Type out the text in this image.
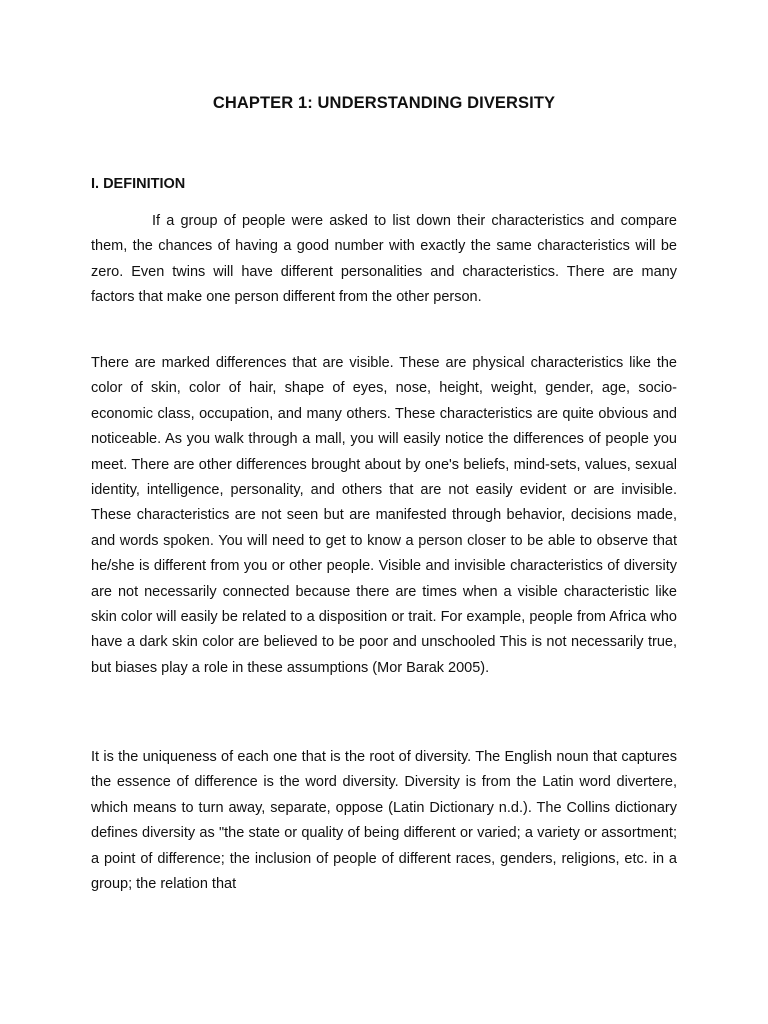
CHAPTER 1: UNDERSTANDING DIVERSITY
I. DEFINITION

If a group of people were asked to list down their characteristics and compare them, the chances of having a good number with exactly the same characteristics will be zero. Even twins will have different personalities and characteristics. There are many factors that make one person different from the other person.

There are marked differences that are visible. These are physical characteristics like the color of skin, color of hair, shape of eyes, nose, height, weight, gender, age, socio-economic class, occupation, and many others. These characteristics are quite obvious and noticeable. As you walk through a mall, you will easily notice the differences of people you meet. There are other differences brought about by one's beliefs, mind-sets, values, sexual identity, intelligence, personality, and others that are not easily evident or are invisible. These characteristics are not seen but are manifested through behavior, decisions made, and words spoken. You will need to get to know a person closer to be able to observe that he/she is different from you or other people. Visible and invisible characteristics of diversity are not necessarily connected because there are times when a visible characteristic like skin color will easily be related to a disposition or trait. For example, people from Africa who have a dark skin color are believed to be poor and unschooled This is not necessarily true, but biases play a role in these assumptions (Mor Barak 2005).

It is the uniqueness of each one that is the root of diversity. The English noun that captures the essence of difference is the word diversity. Diversity is from the Latin word divertere, which means to turn away, separate, oppose (Latin Dictionary n.d.). The Collins dictionary defines diversity as "the state or quality of being different or varied; a variety or assortment; a point of difference; the inclusion of people of different races, genders, religions, etc. in a group; the relation that
